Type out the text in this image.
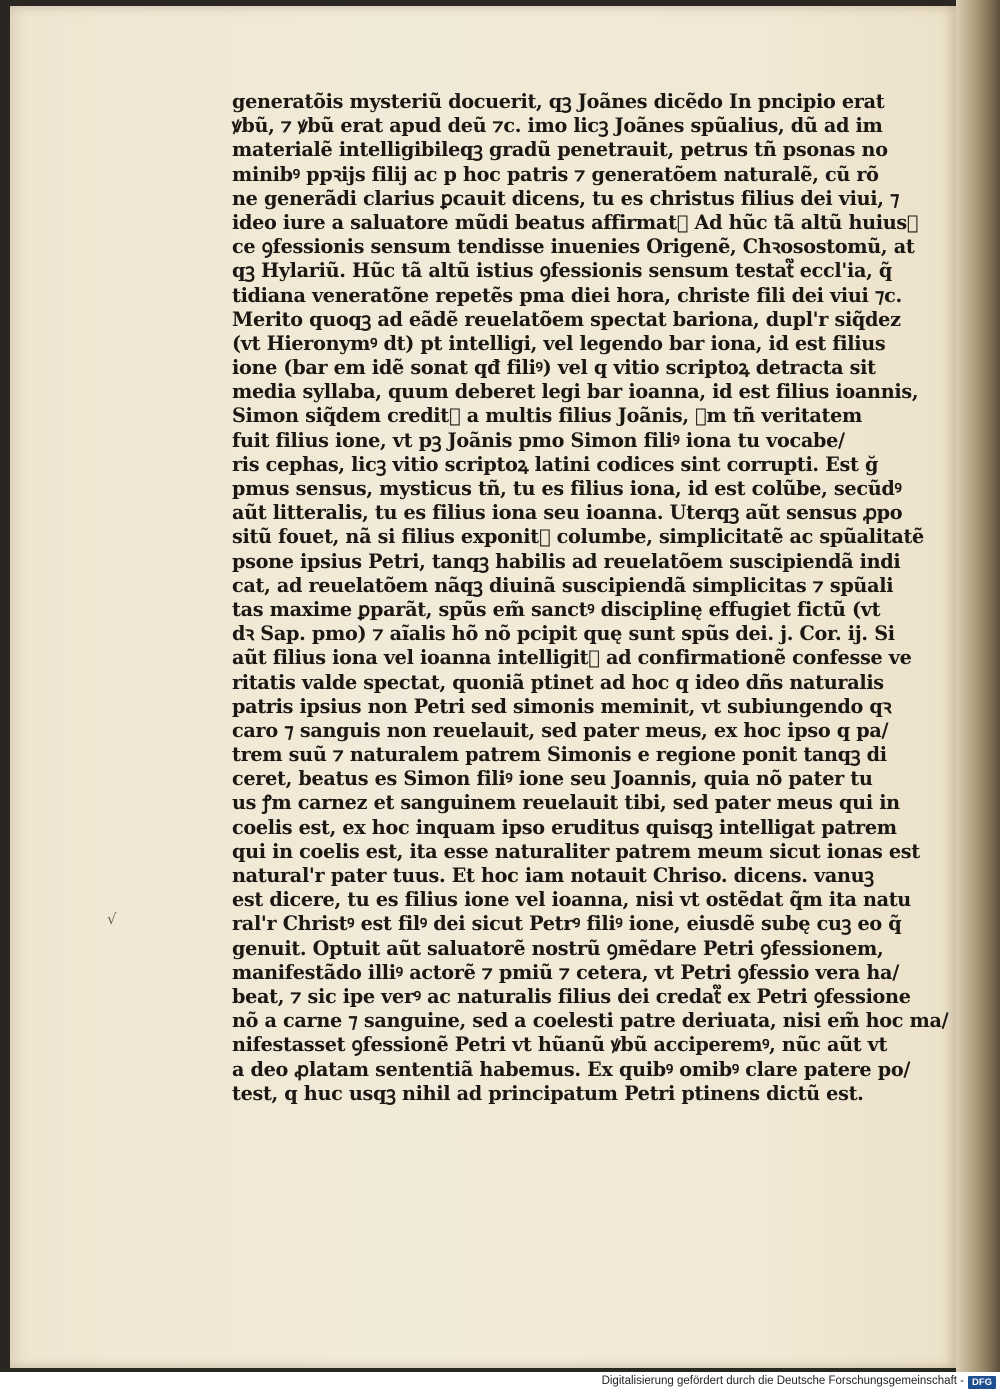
generatõis mysteriũ docuerit, qꝫ Joãnes dicẽdo In pncipio erat
ꝟbũ, ⁊ ꝟbũ erat apud deũ ⁊c. imo licꝫ Joãnes spũalius, dũ ad im
materialẽ intelligibileqꝫ gradũ penetrauit, petrus tñ psonas no
minibꝰ ppꝛijs filij ac p hoc patris ⁊ generatõem naturalẽ, cũ rõ
ne generãdi clarius ꝑcauit dicens, tu es christus filius dei viui, ⁊
ideo iure a saluatore mũdi beatus affirmat᷑ Ad hũc tã altũ huiusꝯ
ce ꝯfessionis sensum tendisse inuenies Origenẽ, Chꝛosostomũ, at
qꝫ Hylariũ. Hũc tã altũ istius ꝯfessionis sensum testat᷑ eccl'ia, q̃
tidiana veneratõne repetẽs pma diei hora, christe fili dei viui ⁊c.
Merito quoqꝫ ad eãdẽ reuelatõem spectat bariona, dupl'r siq̃dez
(vt Hieronymꝰ dt) pt intelligi, vel legendo bar iona, id est filius
ione (bar em idẽ sonat qđ filiꝰ) vel q vitio scriptoꝝ detracta sit
media syllaba, quum deberet legi bar ioanna, id est filius ioannis,
Simon siq̃dem credit᷑ a multis filius Joãnis, ꝭm tñ veritatem
fuit filius ione, vt pꝫ Joãnis pmo Simon filiꝰ iona tu vocabe/
ris cephas, licꝫ vitio scriptoꝝ latini codices sint corrupti. Est ğ
pmus sensus, mysticus tñ, tu es filius iona, id est colũbe, secũdꝰ
aũt litteralis, tu es filius iona seu ioanna. Uterqꝫ aũt sensus ꝓpo
sitũ fouet, nã si filius exponit᷑ columbe, simplicitatẽ ac spũalitatẽ
psone ipsius Petri, tanqꝫ habilis ad reuelatõem suscipiendã indi
cat, ad reuelatõem nãqꝫ diuinã suscipiendã simplicitas ⁊ spũali
tas maxime ꝑparãt, spũs em̃ sanctꝰ disciplinę effugiet fictũ (vt
dꝛ Sap. pmo) ⁊ aĩalis hõ nõ pcipit quę sunt spũs dei. j. Cor. ij. Si
aũt filius iona vel ioanna intelligit᷑ ad confirmationẽ confesse ve
ritatis valde spectat, quoniã ptinet ad hoc q ideo dñs naturalis
patris ipsius non Petri sed simonis meminit, vt subiungendo qꝛ
caro ⁊ sanguis non reuelauit, sed pater meus, ex hoc ipso q pa/
trem suũ ⁊ naturalem patrem Simonis e regione ponit tanqꝫ di
ceret, beatus es Simon filiꝰ ione seu Joannis, quia nõ pater tu
us ꝭm carnez et sanguinem reuelauit tibi, sed pater meus qui in
coelis est, ex hoc inquam ipso eruditus quisqꝫ intelligat patrem
qui in coelis est, ita esse naturaliter patrem meum sicut ionas est
natural'r pater tuus. Et hoc iam notauit Chriso. dicens. vanuꝫ
est dicere, tu es filius ione vel ioanna, nisi vt ostẽdat q̃m ita natu
ral'r Christꝰ est filꝰ dei sicut Petrꝰ filiꝰ ione, eiusdẽ subę cuꝫ eo q̃
genuit. Optuit aũt saluatorẽ nostrũ ꝯmẽdare Petri ꝯfessionem,
manifestãdo illiꝰ actorẽ ⁊ pmiũ ⁊ cetera, vt Petri ꝯfessio vera ha/
beat, ⁊ sic ipe verꝰ ac naturalis filius dei credat᷑ ex Petri ꝯfessione
nõ a carne ⁊ sanguine, sed a coelesti patre deriuata, nisi em̃ hoc ma/
nifestasset ꝯfessionẽ Petri vt hũanũ ꝟbũ acciperemꝰ, nũc aũt vt
a deo ꝓlatam sententiã habemus. Ex quibꝰ omibꝰ clare patere po/
test, q huc usqꝫ nihil ad principatum Petri ptinens dictũ est.
√
Digitalisierung gefördert durch die Deutsche Forschungsgemeinschaft - DFG
